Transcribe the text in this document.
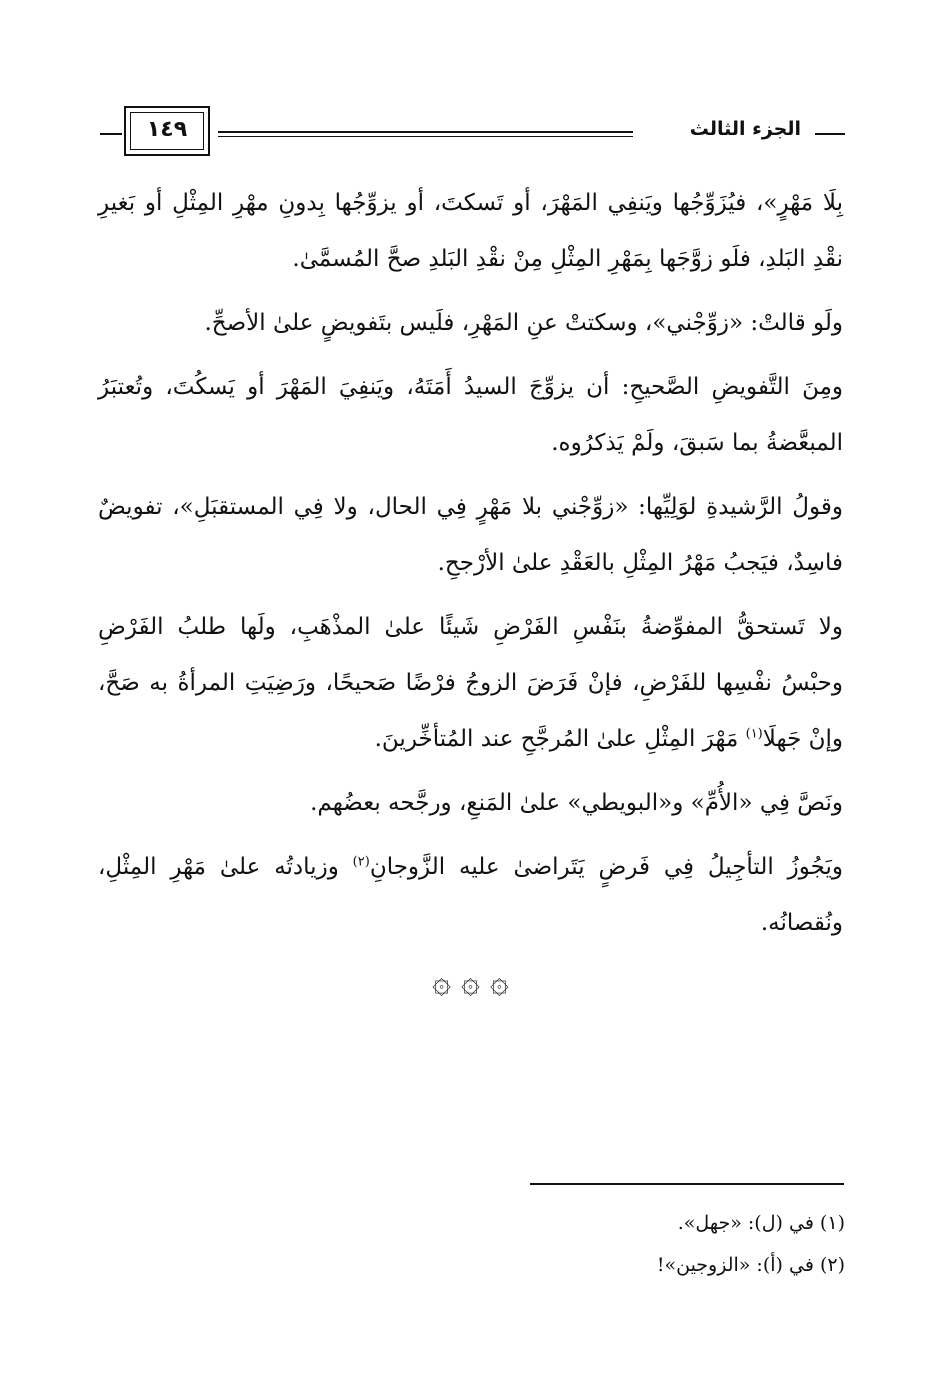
الجزء الثالث
١٤٩

بِلَا مَهْرٍ»، فيُزَوِّجُها ويَنفِي المَهْرَ، أو تَسكتَ، أو يزوِّجُها بِدونِ مهْرِ المِثْلِ أو بَغيرِ نقْدِ البَلدِ، فلَو زوَّجَها بِمَهْرِ المِثْلِ مِنْ نقْدِ البَلدِ صحَّ المُسمَّىٰ.

ولَو قالتْ: «زوِّجْني»، وسكتتْ عنِ المَهْرِ، فلَيس بتَفويضٍ علىٰ الأصحِّ.

ومِنَ التَّفويضِ الصَّحيحِ: أن يزوِّجَ السيدُ أَمَتَهُ، ويَنفِيَ المَهْرَ أو يَسكُتَ، وتُعتبَرُ المبعَّضةُ بما سَبقَ، ولَمْ يَذكرُوه.

وقولُ الرَّشيدةِ لوَلِيِّها: «زوِّجْني بلا مَهْرٍ فِي الحال، ولا فِي المستقبَلِ»، تفويضٌ فاسِدٌ، فيَجبُ مَهْرُ المِثْلِ بالعَقْدِ علىٰ الأرْجحِ.

ولا تَستحقُّ المفوِّضةُ بنَفْسِ الفَرْضِ شَيئًا علىٰ المذْهَبِ، ولَها طلبُ الفَرْضِ وحبْسُ نفْسِها للفَرْضِ، فإنْ فَرَضَ الزوجُ فرْضًا صَحيحًا، ورَضِيَتِ المرأةُ به صَحَّ، وإنْ جَهلَا$^{(١)}$ مَهْرَ المِثْلِ علىٰ المُرجَّحِ عند المُتأخِّرينَ.

ونَصَّ فِي «الأُمِّ» و«البويطي» علىٰ المَنعِ، ورجَّحه بعضُهم.

ويَجُوزُ التأجِيلُ فِي فَرضٍ يَتَراضىٰ عليه الزَّوجانِ$^{(٢)}$ وزيادتُه علىٰ مَهْرِ المِثْلِ، ونُقصانُه.

۞ ۞ ۞
(١) في (ل): «جهل».
(٢) في (أ): «الزوجين»!
